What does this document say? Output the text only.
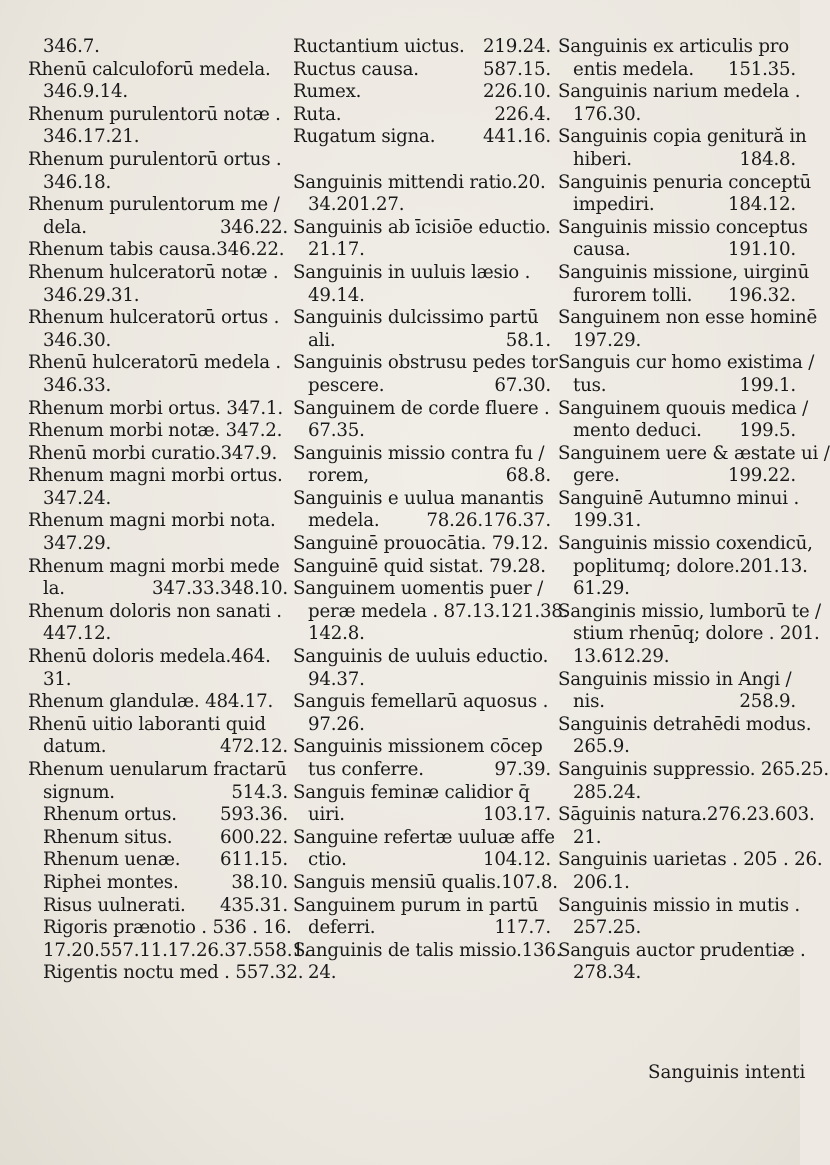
346.7.
Rhenū calculoforū medela.
346.9.14.
Rhenum purulentorū notæ .
346.17.21.
Rhenum purulentorū ortus .
346.18.
Rhenum purulentorum me /
dela.	346.22.
Rhenum tabis causa.346.22.
Rhenum hulceratorū notæ .
346.29.31.
Rhenum hulceratorū ortus .
346.30.
Rhenū hulceratorū medela .
346.33.
Rhenum morbi ortus. 347.1.
Rhenum morbi notæ. 347.2.
Rhenū morbi curatio.347.9.
Rhenum magni morbi ortus.
347.24.
Rhenum magni morbi nota.
347.29.
Rhenum magni morbi mede
la.	347.33.348.10.
Rhenum doloris non sanati .
447.12.
Rhenū doloris medela.464.
31.
Rhenum glandulæ. 484.17.
Rhenū uitio laboranti quid
datum.	472.12.
Rhenum uenularum fractarū
signum.	514.3.
Rhenum ortus. 593.36.
Rhenum situs.	600.22.
Rhenum uenæ. 611.15.
Riphei montes.	38.10.
Risus uulnerati. 435.31.
Rigoris prænotio . 536 . 16.
17.20.557.11.17.26.37.558.1.
Rigentis noctu med . 557.32.
Ructantium uictus. 219.24.
Ructus causa.	587.15.
Rumex.	226.10.
Ruta.	226.4.
Rugatum signa.	441.16.
Sanguinis mittendi ratio.20.
34.201.27.
Sanguinis ab īcisiōe eductio.
21.17.
Sanguinis in uuluis læsio .
49.14.
Sanguinis dulcissimo partū
ali.	58.1.
Sanguinis obstrusu pedes tor
pescere.	67.30.
Sanguinem de corde fluere .
67.35.
Sanguinis missio contra fu /
rorem,	68.8.
Sanguinis e uulua manantis
medela.	78.26.176.37.
Sanguinē prouocātia. 79.12.
Sanguinē quid sistat. 79.28.
Sanguinem uomentis puer /
peræ medela . 87.13.121.38.
142.8.
Sanguinis de uuluis eductio.
94.37.
Sanguis femellarū aquosus .
97.26.
Sanguinis missionem cōcep
tus conferre.	97.39.
Sanguis feminæ calidior q̄
uiri.	103.17.
Sanguine refertæ uuluæ affe
ctio.	104.12.
Sanguis mensiū qualis.107.8.
Sanguinem purum in partū
deferri.	117.7.
Sanguinis de talis missio.136.
24.
Sanguinis ex articulis pro
entis medela. 151.35.
Sanguinis narium medela .
176.30.
Sanguinis copia genitură in
hiberi.	184.8.
Sanguinis penuria conceptū
impediri.	184.12.
Sanguinis missio conceptus
causa.	191.10.
Sanguinis missione, uirginū
furorem tolli. 196.32.
Sanguinem non esse hominē
197.29.
Sanguis cur homo existima /
tus.	199.1.
Sanguinem quouis medica /
mento deduci. 199.5.
Sanguinem uere & æstate ui /
gere.	199.22.
Sanguinē Autumno minui .
199.31.
Sanguinis missio coxendicū,
poplitumq; dolore.201.13.
61.29.
Sanginis missio, lumborū te /
stium rhenūq; dolore . 201.
13.612.29.
Sanguinis missio in Angi /
nis.	258.9.
Sanguinis detrahēdi modus.
265.9.
Sanguinis suppressio. 265.25.
285.24.
Sāguinis natura.276.23.603.
21.
Sanguinis uarietas . 205 . 26.
206.1.
Sanguinis missio in mutis .
257.25.
Sanguis auctor prudentiæ .
278.34.
Sanguinis intenti
